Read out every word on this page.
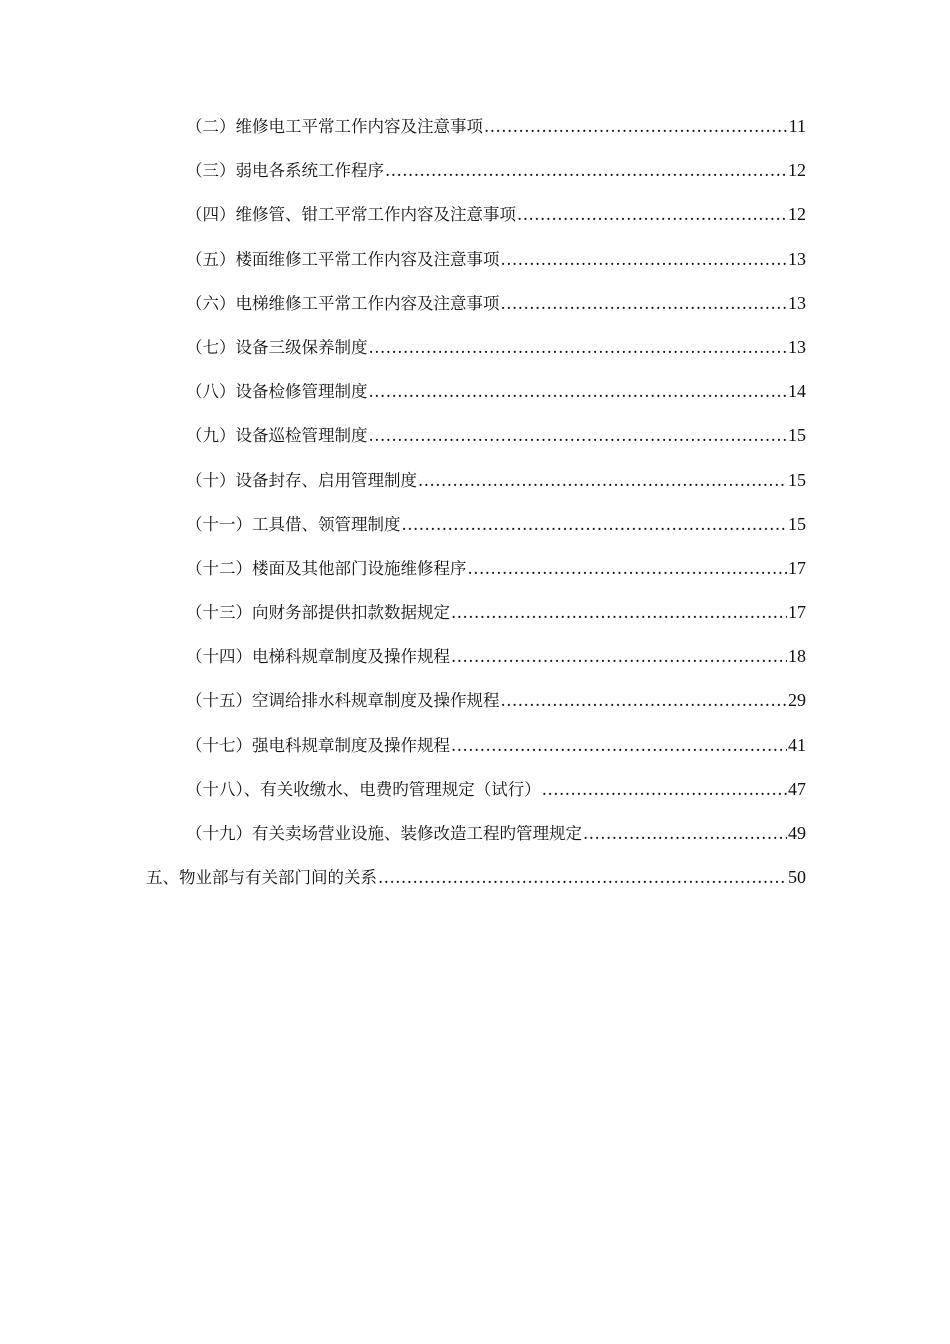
（二）维修电工平常工作内容及注意事项 .....	11
（三）弱电各系统工作程序 .....	12
（四）维修管、钳工平常工作内容及注意事项 .....	12
（五）楼面维修工平常工作内容及注意事项 .....	13
（六）电梯维修工平常工作内容及注意事项 .....	13
（七）设备三级保养制度 .....	13
（八）设备检修管理制度 .....	14
（九）设备巡检管理制度 .....	15
（十）设备封存、启用管理制度 .....	15
（十一）工具借、领管理制度 .....	15
（十二）楼面及其他部门设施维修程序 .....	17
（十三）向财务部提供扣款数据规定 .....	17
（十四）电梯科规章制度及操作规程 .....	18
（十五）空调给排水科规章制度及操作规程 .....	29
（十七）强电科规章制度及操作规程 .....	41
（十八）、有关收缴水、电费旳管理规定（试行） .....	47
（十九）有关卖场营业设施、装修改造工程旳管理规定 .....	49
五、物业部与有关部门间的关系 .....	50
